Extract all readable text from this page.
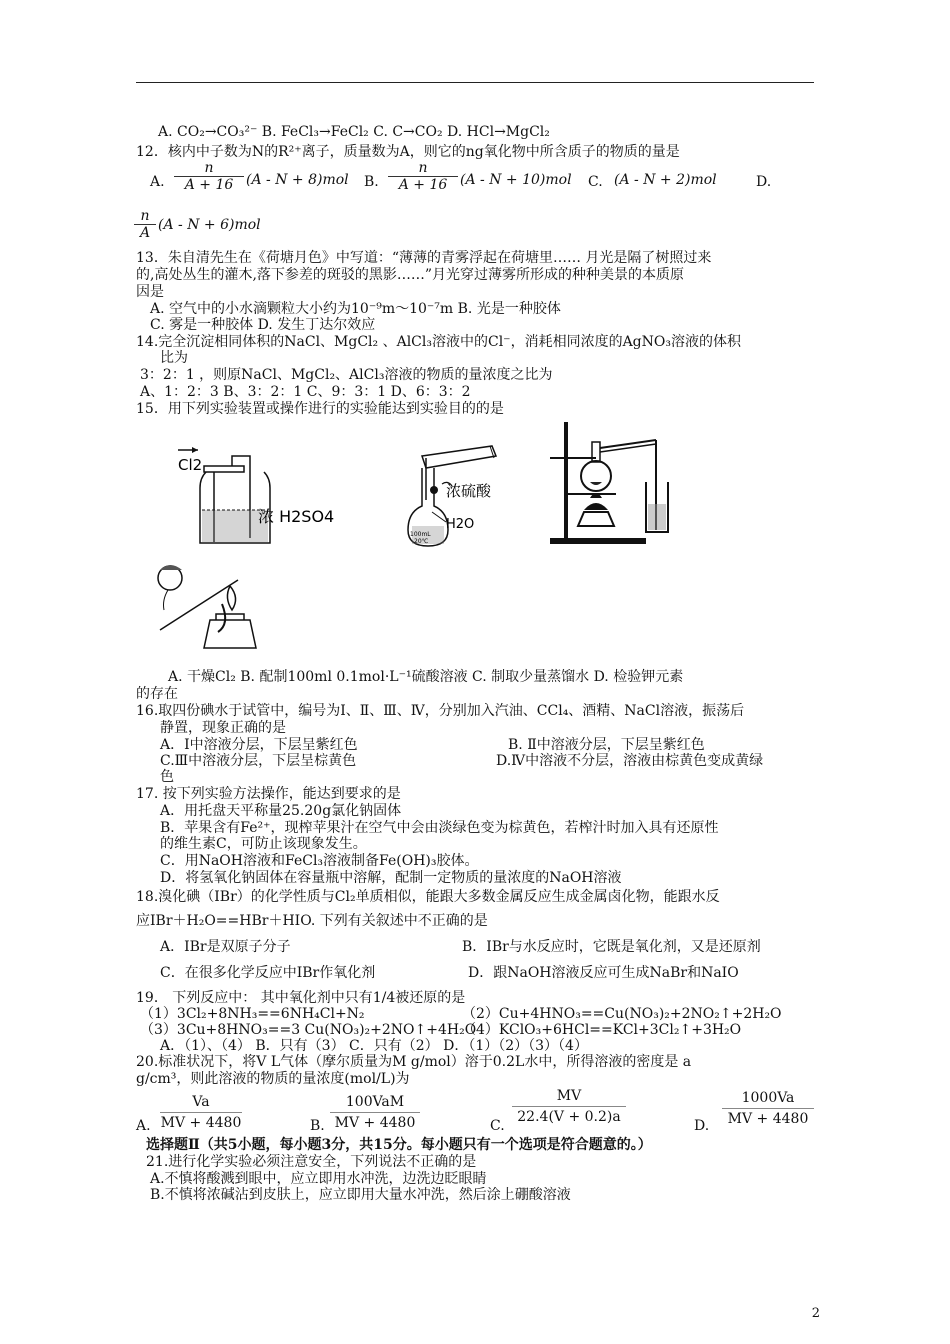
A. CO₂→CO₃²⁻ B. FeCl₃→FeCl₂ C. C→CO₂ D. HCl→MgCl₂
12．核内中子数为N的R²⁺离子，质量数为A，则它的ng氧化物中所含质子的物质的量是
A. $\frac{n}{A + 16} (A - N + 8)mol$ B. $\frac{n}{A + 16} (A - N + 10)mol$ C. (A - N + 2)mol	D.
$\frac{n}{A} (A - N + 6)mol$
13．朱自清先生在《荷塘月色》中写道：“薄薄的青雾浮起在荷塘里…… 月光是隔了树照过来
的,高处丛生的灌木,落下参差的斑驳的黑影……”月光穿过薄雾所形成的种种美景的本质原
因是
A. 空气中的小水滴颗粒大小约为10⁻⁹m～10⁻⁷m B. 光是一种胶体
C. 雾是一种胶体 D. 发生丁达尔效应
14.完全沉淀相同体积的NaCl、MgCl₂ 、AlCl₃溶液中的Cl⁻，消耗相同浓度的AgNO₃溶液的体积
比为
3：2：1 ，则原NaCl、MgCl₂、AlCl₃溶液的物质的量浓度之比为
A、1：2：3 B、3：2：1 C、9：3：1 D、6：3：2
15．用下列实验装置或操作进行的实验能达到实验目的的是
Cl2
浓 H2SO4
100mL
20℃
浓硫酸
H2O
A. 干燥Cl₂ B. 配制100ml 0.1mol·L⁻¹硫酸溶液 C. 制取少量蒸馏水 D. 检验钾元素
的存在
16.取四份碘水于试管中，编号为Ⅰ、Ⅱ、Ⅲ、Ⅳ，分别加入汽油、CCl₄、酒精、NaCl溶液，振荡后
静置，现象正确的是
A．Ⅰ中溶液分层，下层呈紫红色	B. Ⅱ中溶液分层，下层呈紫红色
C.Ⅲ中溶液分层，下层呈棕黄色	D.Ⅳ中溶液不分层，溶液由棕黄色变成黄绿
色
17. 按下列实验方法操作，能达到要求的是
A．用托盘天平称量25.20g氯化钠固体
B．苹果含有Fe²⁺，现榨苹果汁在空气中会由淡绿色变为棕黄色，若榨汁时加入具有还原性
的维生素C，可防止该现象发生。
C．用NaOH溶液和FeCl₃溶液制备Fe(OH)₃胶体。
D．将氢氧化钠固体在容量瓶中溶解，配制一定物质的量浓度的NaOH溶液
18.溴化碘（IBr）的化学性质与Cl₂单质相似，能跟大多数金属反应生成金属卤化物，能跟水反
应IBr＋H₂O==HBr＋HIO. 下列有关叙述中不正确的是
A．IBr是双原子分子	B．IBr与水反应时，它既是氧化剂，又是还原剂
C．在很多化学反应中IBr作氧化剂	D．跟NaOH溶液反应可生成NaBr和NaIO
19． 下列反应中： 其中氧化剂中只有1/4被还原的是
（1）3Cl₂+8NH₃==6NH₄Cl+N₂	（2）Cu+4HNO₃==Cu(NO₃)₂+2NO₂↑+2H₂O
（3）3Cu+8HNO₃==3 Cu(NO₃)₂+2NO↑+4H₂O
（4）KClO₃+6HCl==KCl+3Cl₂↑+3H₂O
A．（1）、（4） B．只有（3） C．只有（2） D．（1）（2）（3）（4）
20.标准状况下，将V L气体（摩尔质量为M g/mol）溶于0.2L水中，所得溶液的密度是 a
g/cm³，则此溶液的物质的量浓度(mol/L)为
A. $\frac{Va}{MV + 4480}$	B.
100VaM
MV + 4480	C.
$\frac{MV}{22.4(V + 0.2)a}$
D. $\frac{1000Va}{MV + 4480}$
选择题Ⅱ（共5小题，每小题3分，共15分。每小题只有一个选项是符合题意的。）
21.进行化学实验必须注意安全，下列说法不正确的是
A.不慎将酸溅到眼中，应立即用水冲洗，边洗边眨眼睛
B.不慎将浓碱沾到皮肤上，应立即用大量水冲洗，然后涂上硼酸溶液
2
